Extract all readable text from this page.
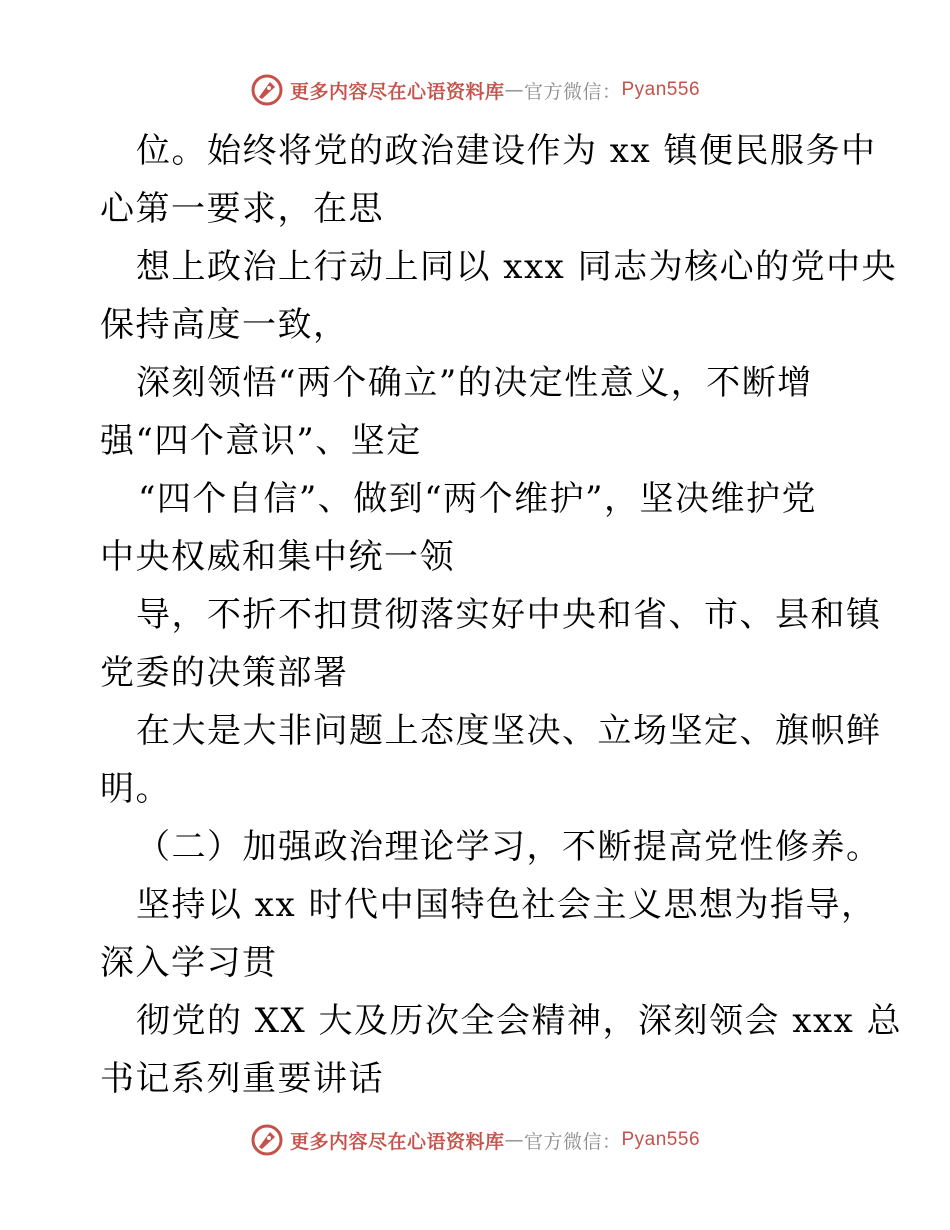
更多内容尽在心语资料库 — 官方微信： Pyan556
位。始终将党的政治建设作为 xx 镇便民服务中
心第一要求，在思
想上政治上行动上同以 xxx 同志为核心的党中央
保持高度一致，
深刻领悟“两个确立”的决定性意义，不断增
强“四个意识”、坚定
“四个自信”、做到“两个维护”，坚决维护党
中央权威和集中统一领
导，不折不扣贯彻落实好中央和省、市、县和镇
党委的决策部署
在大是大非问题上态度坚决、立场坚定、旗帜鲜
明。
（二）加强政治理论学习，不断提高党性修养。
坚持以 xx 时代中国特色社会主义思想为指导，
深入学习贯
彻党的 XX 大及历次全会精神，深刻领会 xxx 总
书记系列重要讲话
更多内容尽在心语资料库 — 官方微信： Pyan556
